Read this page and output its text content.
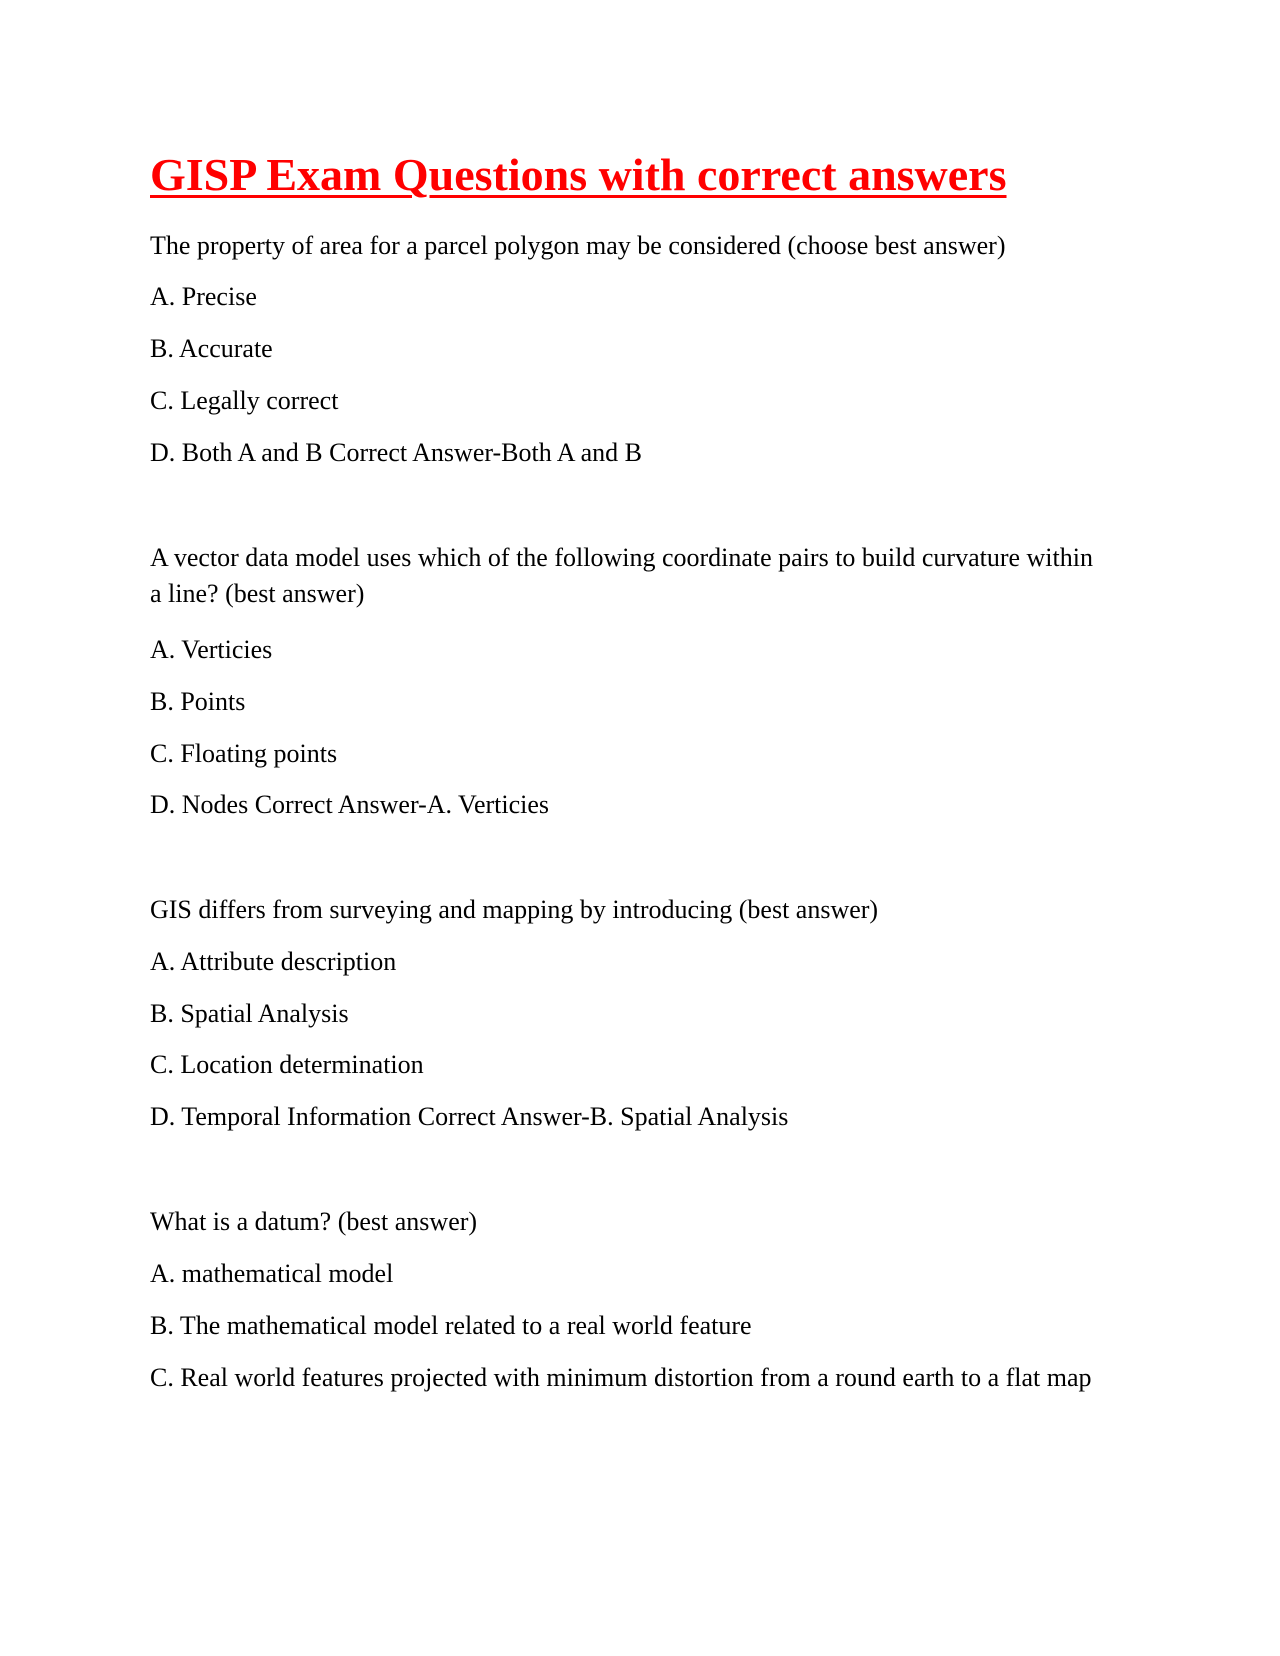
GISP Exam Questions with correct answers

The property of area for a parcel polygon may be considered (choose best answer)

A. Precise

B. Accurate

C. Legally correct

D. Both A and B Correct Answer-Both A and B

A vector data model uses which of the following coordinate pairs to build curvature within a line? (best answer)

A. Verticies

B. Points

C. Floating points

D. Nodes Correct Answer-A. Verticies

GIS differs from surveying and mapping by introducing (best answer)

A. Attribute description

B. Spatial Analysis

C. Location determination

D. Temporal Information Correct Answer-B. Spatial Analysis

What is a datum? (best answer)

A. mathematical model

B. The mathematical model related to a real world feature

C. Real world features projected with minimum distortion from a round earth to a flat map
